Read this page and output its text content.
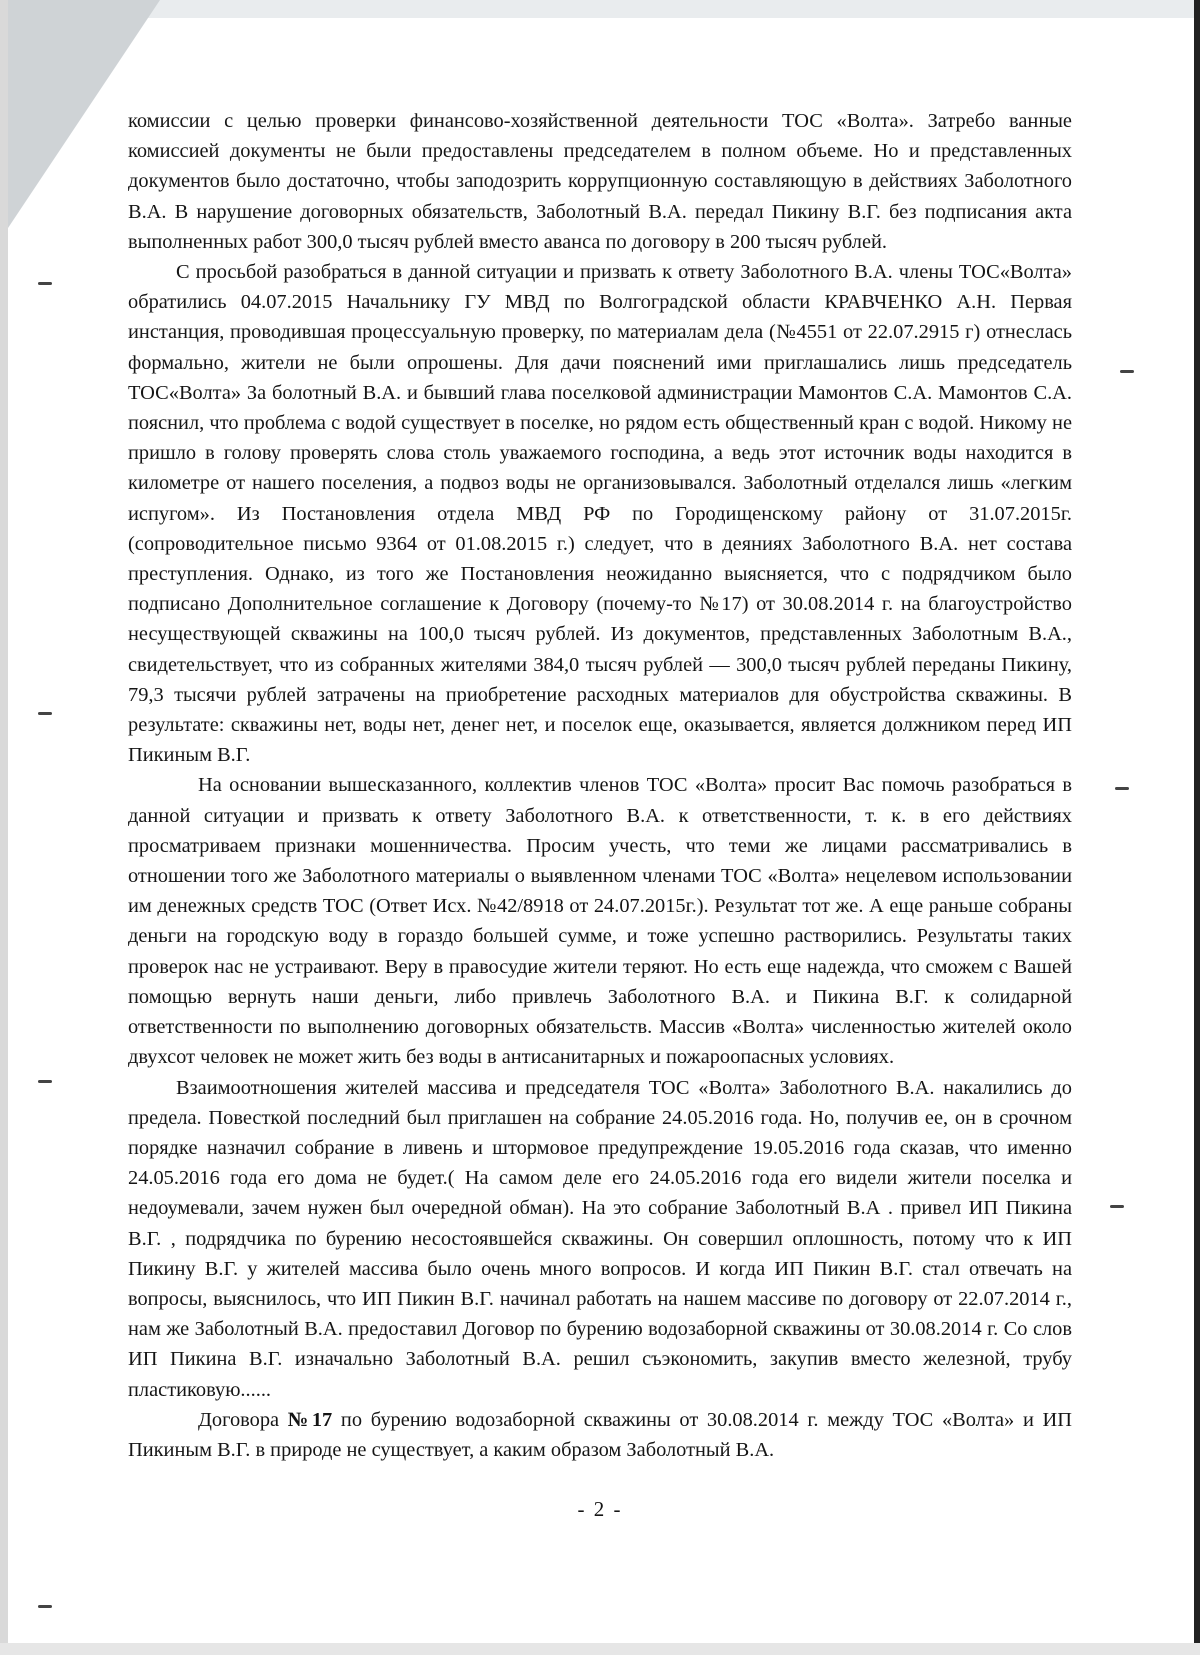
комиссии с целью проверки финансово-хозяйственной деятельности ТОС «Волта». Затребо ванные комиссией документы не были предоставлены председателем в полном объеме. Но и представленных документов было достаточно, чтобы заподозрить коррупционную составляющую в действиях Заболотного В.А. В нарушение договорных обязательств, Заболотный В.А. передал Пикину В.Г. без подписания акта выполненных работ 300,0 тысяч рублей вместо аванса по договору в 200 тысяч рублей.

С просьбой разобраться в данной ситуации и призвать к ответу Заболотного В.А. члены ТОС«Волта» обратились 04.07.2015 Начальнику ГУ МВД по Волгоградской области КРАВЧЕНКО А.Н. Первая инстанция, проводившая процессуальную проверку, по материалам дела (№4551 от 22.07.2915 г) отнеслась формально, жители не были опрошены. Для дачи пояснений ими приглашались лишь председатель ТОС«Волта» За болотный В.А. и бывший глава поселковой администрации Мамонтов С.А. Мамонтов С.А. пояснил, что проблема с водой существует в поселке, но рядом есть общественный кран с водой. Никому не пришло в голову проверять слова столь уважаемого господина, а ведь этот источник воды находится в километре от нашего поселения, а подвоз воды не организовывался. Заболотный отделался лишь «легким испугом». Из Постановления отдела МВД РФ по Городищенскому району от 31.07.2015г. (сопроводительное письмо 9364 от 01.08.2015 г.) следует, что в деяниях Заболотного В.А. нет состава преступления. Однако, из того же Постановления неожиданно выясняется, что с подрядчиком было подписано Дополнительное соглашение к Договору (почему-то №17) от 30.08.2014 г. на благоустройство несуществующей скважины на 100,0 тысяч рублей. Из документов, представленных Заболотным В.А., свидетельствует, что из собранных жителями 384,0 тысяч рублей — 300,0 тысяч рублей переданы Пикину, 79,3 тысячи рублей затрачены на приобретение расходных материалов для обустройства скважины. В результате: скважины нет, воды нет, денег нет, и поселок еще, оказывается, является должником перед ИП Пикиным В.Г.

На основании вышесказанного, коллектив членов ТОС «Волта» просит Вас помочь разобраться в данной ситуации и призвать к ответу Заболотного В.А. к ответственности, т. к. в его действиях просматриваем признаки мошенничества. Просим учесть, что теми же лицами рассматривались в отношении того же Заболотного материалы о выявленном членами ТОС «Волта» нецелевом использовании им денежных средств ТОС (Ответ Исх. №42/8918 от 24.07.2015г.). Результат тот же. А еще раньше собраны деньги на городскую воду в гораздо большей сумме, и тоже успешно растворились. Результаты таких проверок нас не устраивают. Веру в правосудие жители теряют. Но есть еще надежда, что сможем с Вашей помощью вернуть наши деньги, либо привлечь Заболотного В.А. и Пикина В.Г. к солидарной ответственности по выполнению договорных обязательств. Массив «Волта» численностью жителей около двухсот человек не может жить без воды в антисанитарных и пожароопасных условиях.

Взаимоотношения жителей массива и председателя ТОС «Волта» Заболотного В.А. накалились до предела. Повесткой последний был приглашен на собрание 24.05.2016 года. Но, получив ее, он в срочном порядке назначил собрание в ливень и штормовое предупреждение 19.05.2016 года сказав, что именно 24.05.2016 года его дома не будет.( На самом деле его 24.05.2016 года его видели жители поселка и недоумевали, зачем нужен был очередной обман). На это собрание Заболотный В.А . привел ИП Пикина В.Г. , подрядчика по бурению несостоявшейся скважины. Он совершил оплошность, потому что к ИП Пикину В.Г. у жителей массива было очень много вопросов. И когда ИП Пикин В.Г. стал отвечать на вопросы, выяснилось, что ИП Пикин В.Г. начинал работать на нашем массиве по договору от 22.07.2014 г., нам же Заболотный В.А. предоставил Договор по бурению водозаборной скважины от 30.08.2014 г. Со слов ИП Пикина В.Г. изначально Заболотный В.А. решил съэкономить, закупив вместо железной, трубу пластиковую......

Договора №17 по бурению водозаборной скважины от 30.08.2014 г. между ТОС «Волта» и ИП Пикиным В.Г. в природе не существует, а каким образом Заболотный В.А.

- 2 -
